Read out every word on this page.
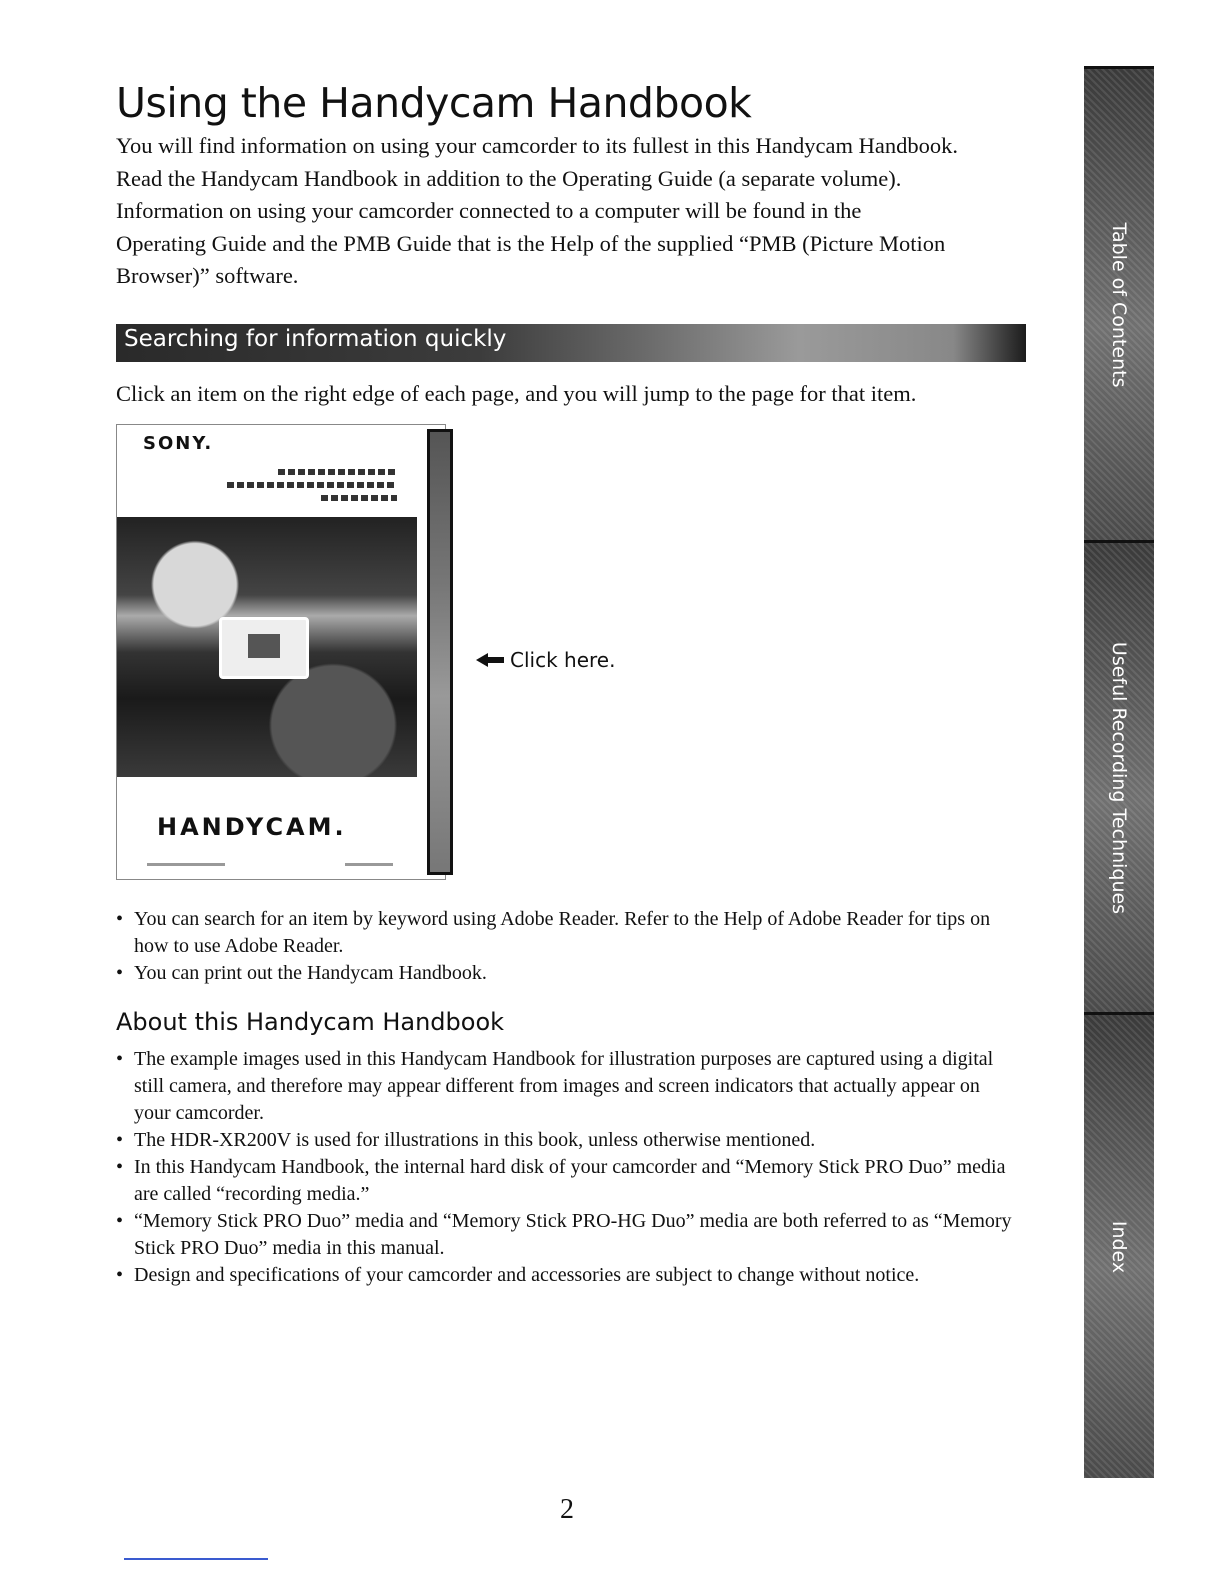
Using the Handycam Handbook

You will find information on using your camcorder to its fullest in this Handycam Handbook.

Read the Handycam Handbook in addition to the Operating Guide (a separate volume).

Information on using your camcorder connected to a computer will be found in the

Operating Guide and the PMB Guide that is the Help of the supplied “PMB (Picture Motion

Browser)” software.

Searching for information quickly
Click an item on the right edge of each page, and you will jump to the page for that item.
SONY.
HANDYCAM.
Click here.
• You can search for an item by keyword using Adobe Reader. Refer to the Help of Adobe Reader for tips on how to use Adobe Reader.
• You can print out the Handycam Handbook.
About this Handycam Handbook
• The example images used in this Handycam Handbook for illustration purposes are captured using a digital still camera, and therefore may appear different from images and screen indicators that actually appear on your camcorder.
• The HDR-XR200V is used for illustrations in this book, unless otherwise mentioned.
• In this Handycam Handbook, the internal hard disk of your camcorder and “Memory Stick PRO Duo” media are called “recording media.”
• “Memory Stick PRO Duo” media and “Memory Stick PRO-HG Duo” media are both referred to as “Memory Stick PRO Duo” media in this manual.
• Design and specifications of your camcorder and accessories are subject to change without notice.
2
Table of Contents
Useful Recording Techniques
Index
